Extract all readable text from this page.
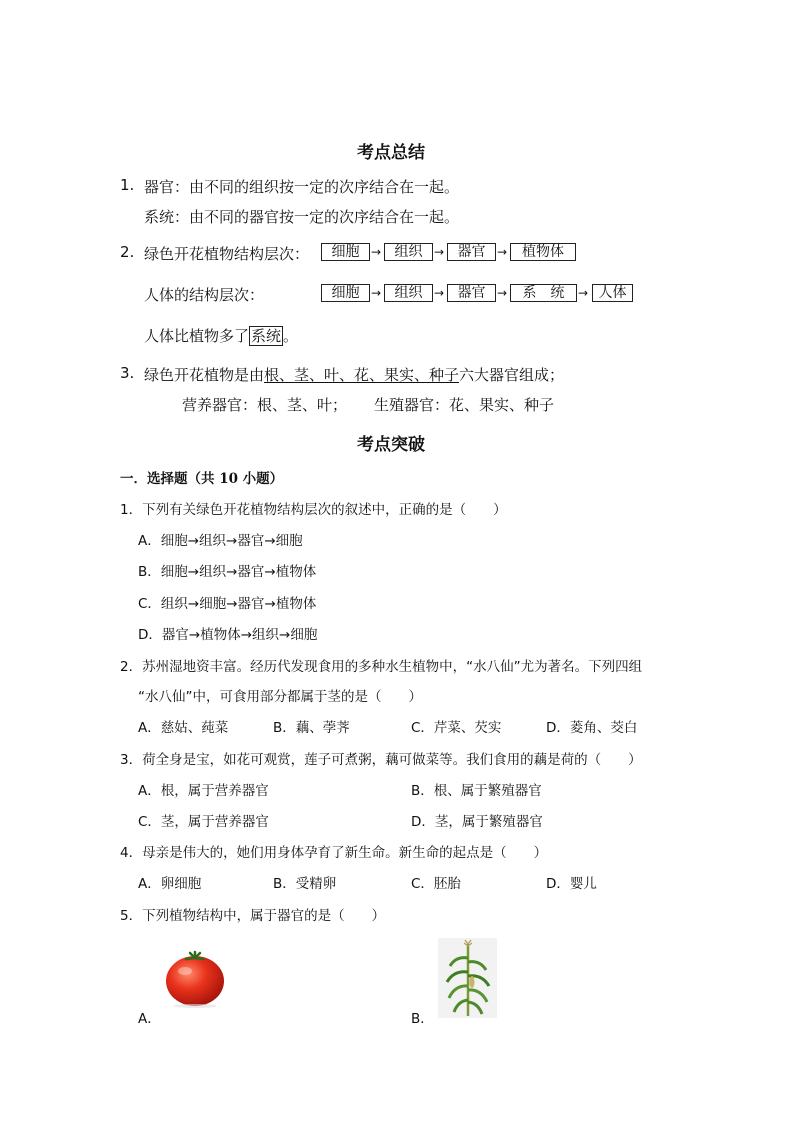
考点总结
1. 器官：由不同的组织按一定的次序结合在一起。
系统：由不同的器官按一定的次序结合在一起。
2. 绿色开花植物结构层次：	细胞 → 组织 → 器官 →	植物体
人体的结构层次：	细胞 → 组织 → 器官 →	系　统	→ 人体
人体比植物多了 系统 。
3. 绿色开花植物是由根、茎、叶、花、果实、种子六大器官组成；
营养器官：根、茎、叶； 生殖器官：花、果实、种子
考点突破
一．选择题（共 10 小题）
1．下列有关绿色开花植物结构层次的叙述中，正确的是（　　）
A．细胞→组织→器官→细胞
B．细胞→组织→器官→植物体
C．组织→细胞→器官→植物体
D．器官→植物体→组织→细胞
2．苏州湿地资丰富。经历代发现食用的多种水生植物中，“水八仙”尤为著名。下列四组
“水八仙”中，可食用部分都属于茎的是（　　）
A．慈姑、莼菜	B．藕、荸荠	C．芹菜、芡实	D．菱角、茭白
3．荷全身是宝，如花可观赏，莲子可煮粥，藕可做菜等。我们食用的藕是荷的（　　）
A．根，属于营养器官	B．根、属于繁殖器官
C．茎，属于营养器官	D．茎，属于繁殖器官
4．母亲是伟大的，她们用身体孕育了新生命。新生命的起点是（　　）
A．卵细胞	B．受精卵	C．胚胎	D．婴儿
5．下列植物结构中，属于器官的是（　　）
A．	B．
